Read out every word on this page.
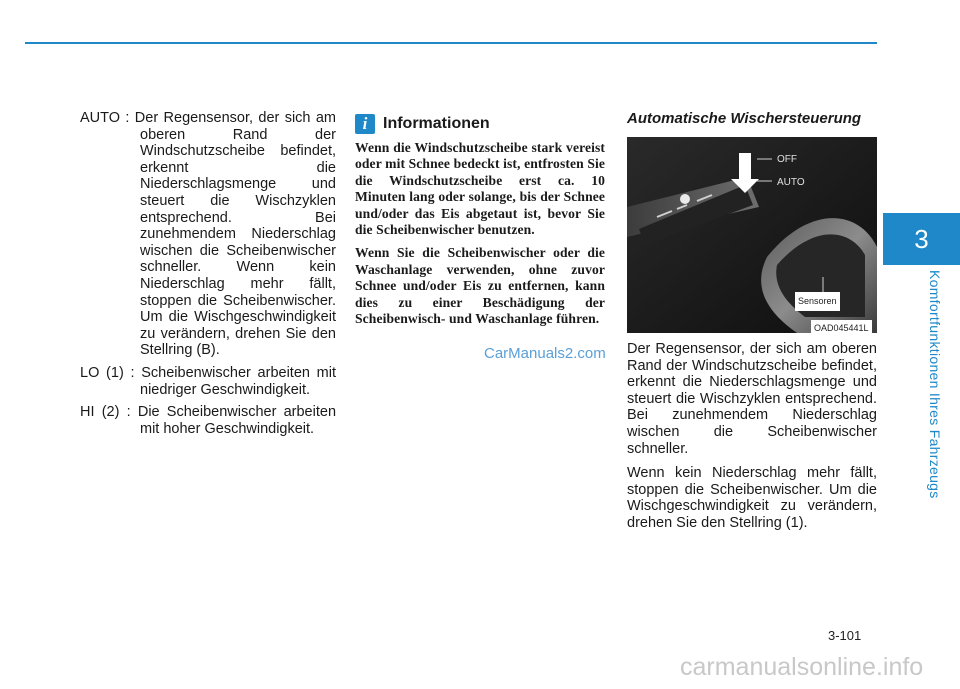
3
Komfortfunktionen Ihres Fahrzeugs
AUTO : Der Regensensor, der sich am oberen Rand der Windschutzscheibe befindet, erkennt die Niederschlagsmenge und steuert die Wischzyklen entsprechend. Bei zunehmendem Niederschlag wischen die Scheibenwischer schneller. Wenn kein Niederschlag mehr fällt, stoppen die Scheibenwischer. Um die Wischgeschwindigkeit zu verändern, drehen Sie den Stellring (B).
LO (1) : Scheibenwischer arbeiten mit niedriger Geschwindigkeit.
HI (2) : Die Scheibenwischer arbeiten mit hoher Geschwindigkeit.
i Informationen

Wenn die Windschutzscheibe stark vereist oder mit Schnee bedeckt ist, entfrosten Sie die Windschutzscheibe erst ca. 10 Minuten lang oder solange, bis der Schnee und/oder das Eis abgetaut ist, bevor Sie die Scheibenwischer benutzen.

Wenn Sie die Scheibenwischer oder die Waschanlage verwenden, ohne zuvor Schnee und/oder Eis zu entfernen, kann dies zu einer Beschädigung der Scheibenwisch- und Waschanlage führen.

Automatische Wischersteuerung
OFF
AUTO
Sensoren
OAD045441L

Der Regensensor, der sich am oberen Rand der Windschutzscheibe befindet, erkennt die Niederschlagsmenge und steuert die Wischzyklen entsprechend. Bei zunehmendem Niederschlag wischen die Scheibenwischer schneller.

Wenn kein Niederschlag mehr fällt, stoppen die Scheibenwischer. Um die Wischgeschwindigkeit zu verändern, drehen Sie den Stellring (1).

CarManuals2.com
3-101
carmanualsonline.info
